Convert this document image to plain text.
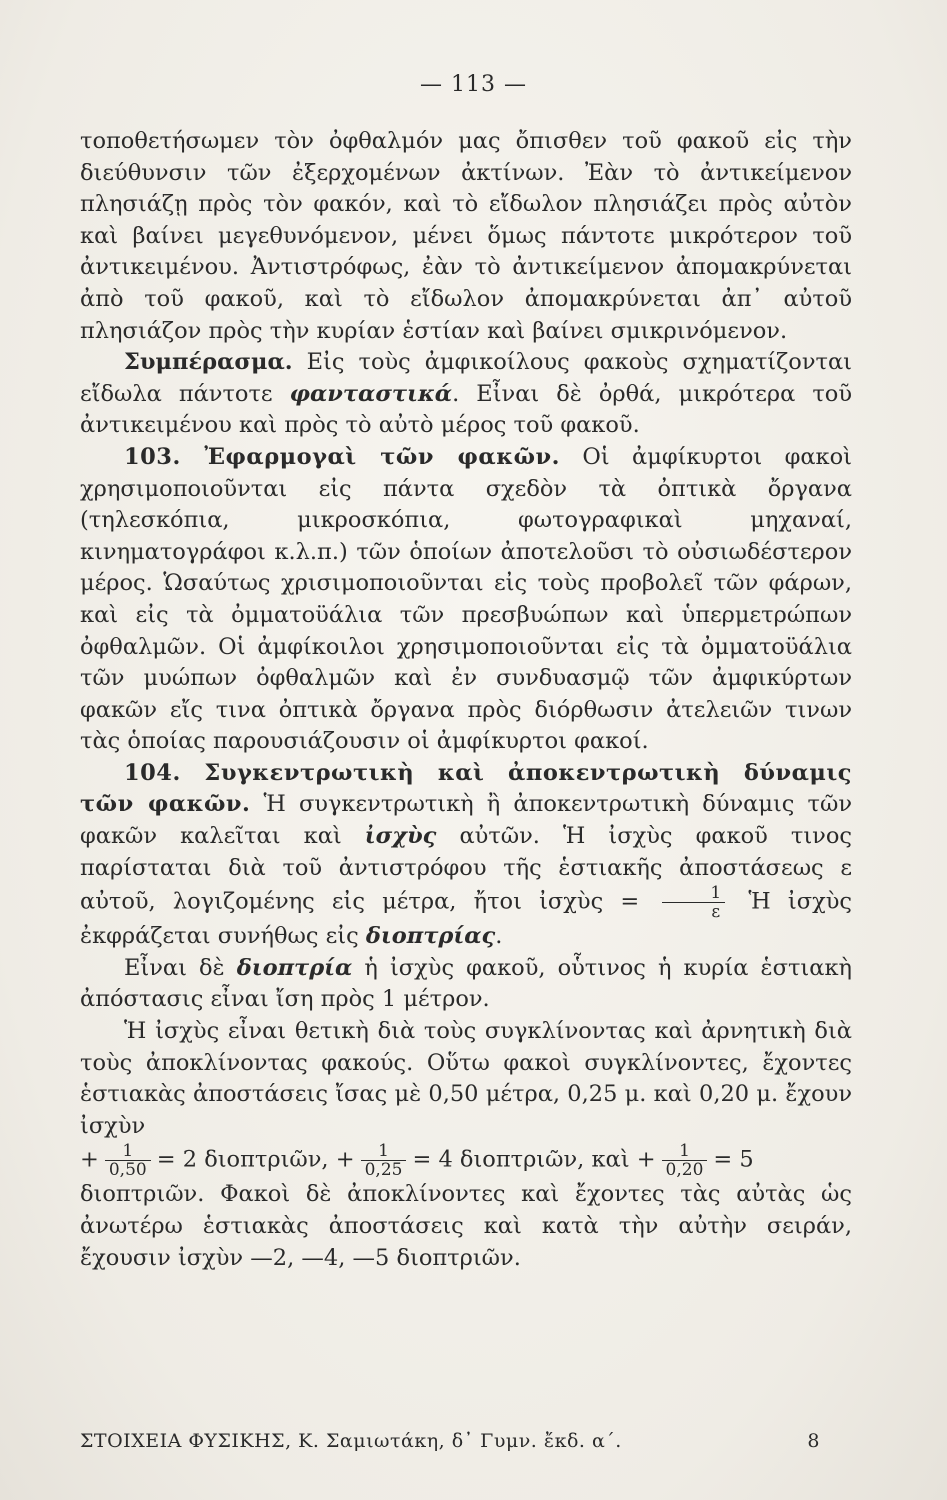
— 113 —

τοποθετήσωμεν τὸν ὀφθαλμόν μας ὄπισθεν τοῦ φακοῦ εἰς τὴν διεύθυνσιν τῶν ἐξερχομένων ἀκτίνων. Ἐὰν τὸ ἀντικείμενον πλησιάζῃ πρὸς τὸν φακόν, καὶ τὸ εἴδωλον πλησιάζει πρὸς αὐτὸν καὶ βαίνει μεγεθυνόμενον, μένει ὅμως πάντοτε μικρότερον τοῦ ἀντικειμένου. Ἀντιστρόφως, ἐὰν τὸ ἀντικείμενον ἀπομακρύνεται ἀπὸ τοῦ φακοῦ, καὶ τὸ εἴδωλον ἀπομακρύνεται ἀπ᾿ αὐτοῦ πλησιάζον πρὸς τὴν κυρίαν ἑστίαν καὶ βαίνει σμικρινόμενον.

Συμπέρασμα. Εἰς τοὺς ἀμφικοίλους φακοὺς σχηματίζονται εἴδωλα πάντοτε φανταστικά. Εἶναι δὲ ὀρθά, μικρότερα τοῦ ἀντικειμένου καὶ πρὸς τὸ αὐτὸ μέρος τοῦ φακοῦ.

103. Ἐφαρμογαὶ τῶν φακῶν. Οἱ ἀμφίκυρτοι φακοὶ χρησιμοποιοῦνται εἰς πάντα σχεδὸν τὰ ὀπτικὰ ὄργανα (τηλεσκόπια, μικροσκόπια, φωτογραφικαὶ μηχαναί, κινηματογράφοι κ.λ.π.) τῶν ὁποίων ἀποτελοῦσι τὸ οὐσιωδέστερον μέρος. Ὡσαύτως χρισιμοποιοῦνται εἰς τοὺς προβολεῖ τῶν φάρων, καὶ εἰς τὰ ὀμματοϋάλια τῶν πρεσβυώπων καὶ ὑπερμετρώπων ὀφθαλμῶν. Οἱ ἀμφίκοιλοι χρησιμοποιοῦνται εἰς τὰ ὀμματοϋάλια τῶν μυώπων ὀφθαλμῶν καὶ ἐν συνδυασμῷ τῶν ἀμφικύρτων φακῶν εἴς τινα ὀπτικὰ ὄργανα πρὸς διόρθωσιν ἀτελειῶν τινων τὰς ὁποίας παρουσιάζουσιν οἱ ἀμφίκυρτοι φακοί.

104. Συγκεντρωτικὴ καὶ ἀποκεντρωτικὴ δύναμις τῶν φακῶν. Ἡ συγκεντρωτικὴ ἢ ἀποκεντρωτικὴ δύναμις τῶν φακῶν καλεῖται καὶ ἰσχὺς αὐτῶν. Ἡ ἰσχὺς φακοῦ τινος παρίσταται διὰ τοῦ ἀντιστρόφου τῆς ἑστιακῆς ἀποστάσεως ε αὐτοῦ, λογιζομένης εἰς μέτρα, ἤτοι ἰσχὺς = $\frac{1}{\varepsilon}$ Ἡ ἰσχὺς ἐκφράζεται συνήθως εἰς διοπτρίας.

Εἶναι δὲ διοπτρία ἡ ἰσχὺς φακοῦ, οὗτινος ἡ κυρία ἑστιακὴ ἀπόστασις εἶναι ἴση πρὸς 1 μέτρον.

Ἡ ἰσχὺς εἶναι θετικὴ διὰ τοὺς συγκλίνοντας καὶ ἀρνητικὴ διὰ τοὺς ἀποκλίνοντας φακούς. Οὕτω φακοὶ συγκλίνοντες, ἔχοντες ἑστιακὰς ἀποστάσεις ἴσας μὲ 0,50 μέτρα, 0,25 μ. καὶ 0,20 μ. ἔχουν ἰσχὺν

+ $\frac{1}{0,50} = 2$ διοπτριῶν, + $\frac{1}{0,25} = 4$ διοπτριῶν, καὶ + $\frac{1}{0,20} = 5$

διοπτριῶν. Φακοὶ δὲ ἀποκλίνοντες καὶ ἔχοντες τὰς αὐτὰς ὡς ἀνωτέρω ἑστιακὰς ἀποστάσεις καὶ κατὰ τὴν αὐτὴν σειράν, ἔχουσιν ἰσχὺν —2, —4, —5 διοπτριῶν.

ΣΤΟΙΧΕΙΑ ΦΥΣΙΚΗΣ, Κ. Σαμιωτάκη, δ᾿ Γυμν. ἔκδ. α΄.	8
